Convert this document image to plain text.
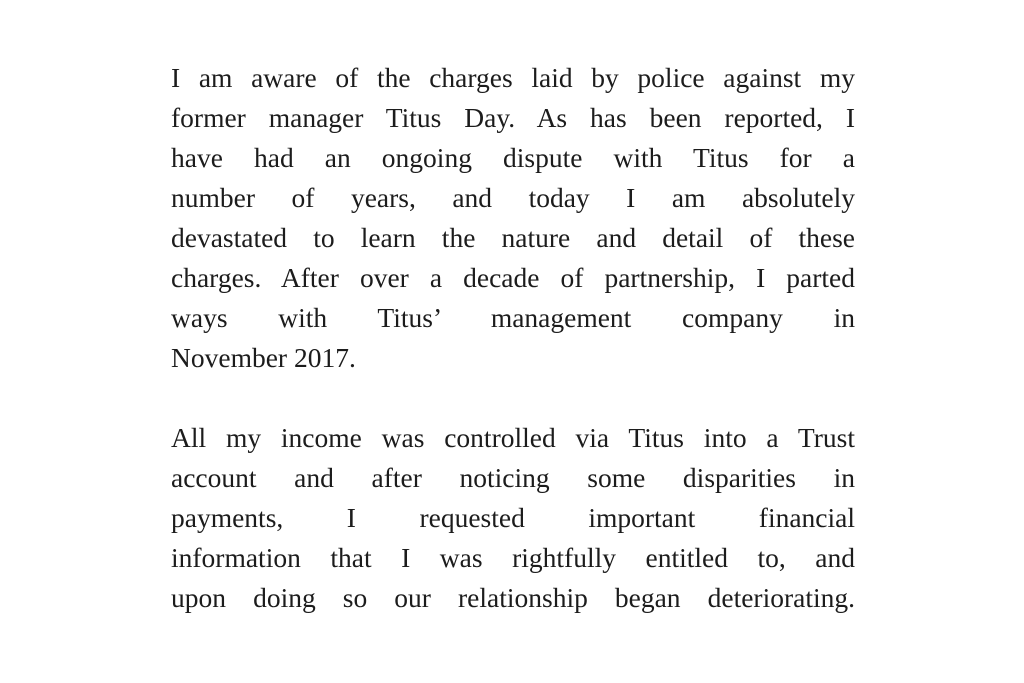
I am aware of the charges laid by police against my
former manager Titus Day. As has been reported, I
have had an ongoing dispute with Titus for a
number of years, and today I am absolutely
devastated to learn the nature and detail of these
charges. After over a decade of partnership, I parted
ways with Titus’ management company in
November 2017.

All my income was controlled via Titus into a Trust
account and after noticing some disparities in
payments, I requested important financial
information that I was rightfully entitled to, and
upon doing so our relationship began deteriorating.
